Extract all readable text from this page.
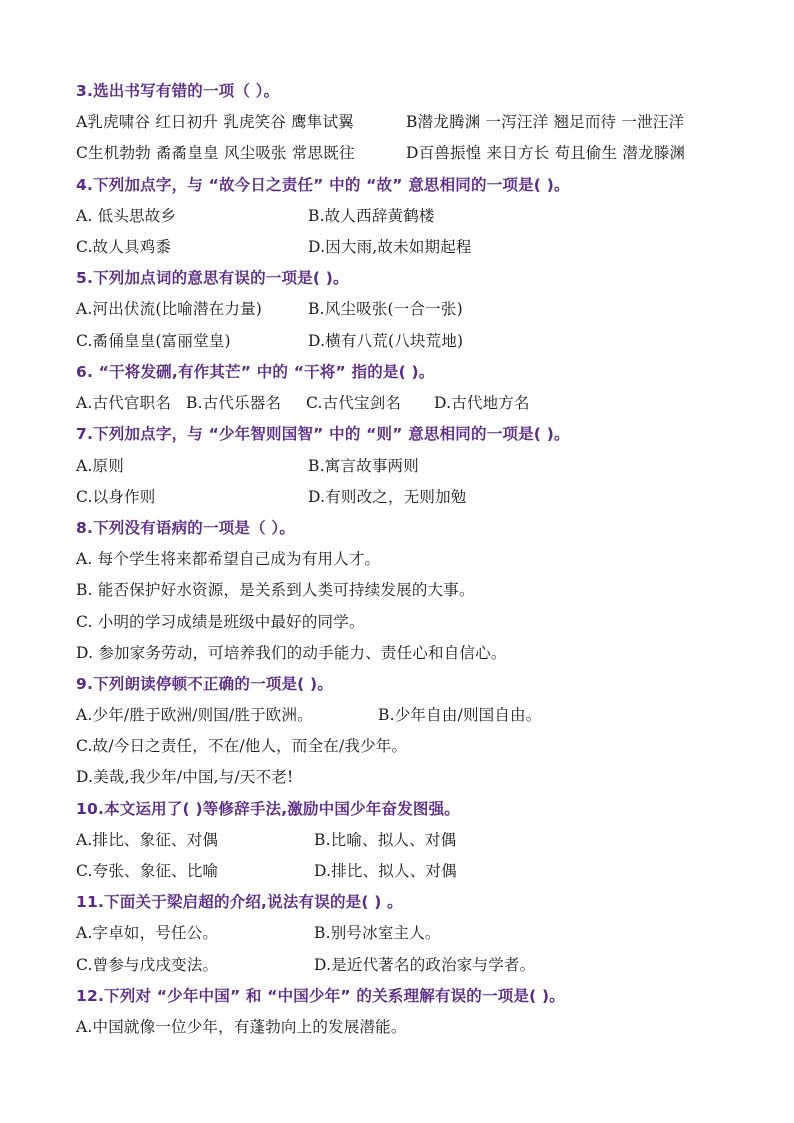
3.选出书写有错的一项（ ）。
A乳虎啸谷 红日初升 乳虎笑谷 鹰隼试翼	B潜龙腾渊 一泻汪洋 翘足而待 一泄汪洋
C生机勃勃 矞矞皇皇 风尘吸张 常思既往	D百兽振惶 来日方长 苟且偷生 潜龙滕渊
4.下列加点字，与 “故今日之责任” 中的 “故” 意思相同的一项是( )。
A. 低头思故乡	B.故人西辞黄鹤楼
C.故人具鸡黍	D.因大雨,故未如期起程
5.下列加点词的意思有误的一项是( )。
A.河出伏流(比喻潜在力量)	B.风尘吸张(一合一张)
C.矞俑皇皇(富丽堂皇)	D.横有八荒(八块荒地)
6. “干将发硎,有作其芒” 中的 “干将” 指的是( )。
A.古代官职名 B.古代乐器名 C.古代宝剑名 D.古代地方名
7.下列加点字，与 “少年智则国智” 中的 “则” 意思相同的一项是( )。
A.原则	B.寓言故事两则
C.以身作则	D.有则改之，无则加勉
8.下列没有语病的一项是（ ）。
A. 每个学生将来都希望自己成为有用人才。
B. 能否保护好水资源，是关系到人类可持续发展的大事。
C. 小明的学习成绩是班级中最好的同学。
D. 参加家务劳动，可培养我们的动手能力、责任心和自信心。
9.下列朗读停顿不正确的一项是( )。
A.少年/胜于欧洲/则国/胜于欧洲。	B.少年自由/则国自由。
C.故/今日之责任，不在/他人，而全在/我少年。
D.美哉,我少年/中国,与/天不老!
10.本文运用了( )等修辞手法,激励中国少年奋发图强。
A.排比、象征、对偶	B.比喻、拟人、对偶
C.夸张、象征、比喻	D.排比、拟人、对偶
11.下面关于梁启超的介绍,说法有误的是( ) 。
A.字卓如，号任公。	B.别号冰室主人。
C.曾参与戊戌变法。	D.是近代著名的政治家与学者。
12.下列对 “少年中国” 和 “中国少年” 的关系理解有误的一项是( )。
A.中国就像一位少年，有蓬勃向上的发展潜能。
